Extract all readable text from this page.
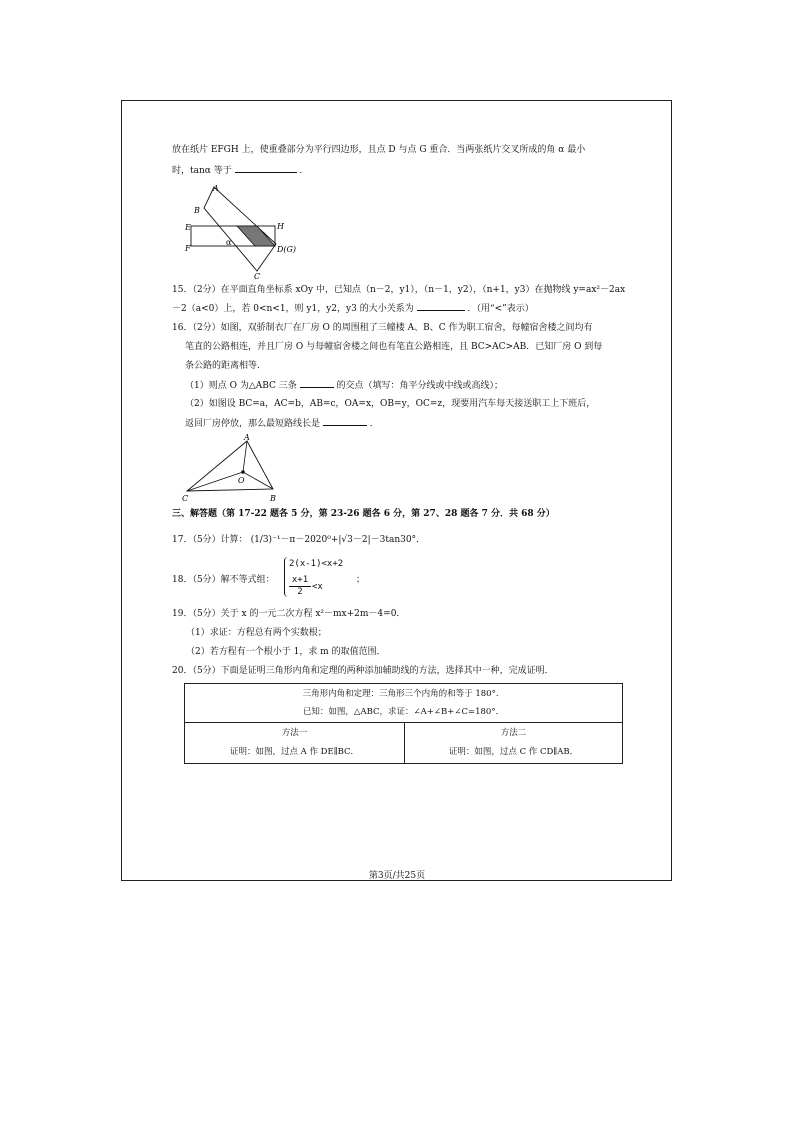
放在纸片 EFGH 上，使重叠部分为平行四边形，且点 D 与点 G 重合．当两张纸片交叉所成的角 α 最小
时，tanα 等于	．
A
B
E	H
F	D(G)
C
α
15．（2分）在平面直角坐标系 xOy 中，已知点（n－2，y1），（n－1，y2），（n+1，y3）在抛物线 y=ax²－2ax
－2（a<0）上，若 0<n<1，则 y1，y2，y3 的大小关系为	．（用“<”表示）
16．（2分）如图，双骄制衣厂在厂房 O 的周围租了三幢楼 A、B、C 作为职工宿舍，每幢宿舍楼之间均有
笔直的公路相连，并且厂房 O 与每幢宿舍楼之间也有笔直公路相连，且 BC>AC>AB．已知厂房 O 到每
条公路的距离相等．
（1）则点 O 为△ABC 三条	的交点（填写：角平分线或中线或高线）；
（2）如图设 BC=a，AC=b，AB=c，OA=x，OB=y，OC=z，现要用汽车每天接送职工上下班后，
返回厂房停放，那么最短路线长是	．
A
O
C	B
三、解答题（第 17-22 题各 5 分，第 23-26 题各 6 分，第 27、28 题各 7 分．共 68 分）
17．（5分）计算： (1/3)⁻¹－π－2020⁰+|√3－2|－3tan30°．
18．（5分）解不等式组：
2(x-1)<x+2
$\frac{x+1}{2} <x$
；
19．（5分）关于 x 的一元二次方程 x²－mx+2m－4=0．
（1）求证：方程总有两个实数根；
（2）若方程有一个根小于 1，求 m 的取值范围．
20．（5分）下面是证明三角形内角和定理的两种添加辅助线的方法，选择其中一种，完成证明．
三角形内角和定理：三角形三个内角的和等于 180°．
已知：如图，△ABC，求证：∠A+∠B+∠C=180°．
方法一	方法二
证明：如图，过点 A 作 DE∥BC．	证明：如图，过点 C 作 CD∥AB．
第3页/共25页
